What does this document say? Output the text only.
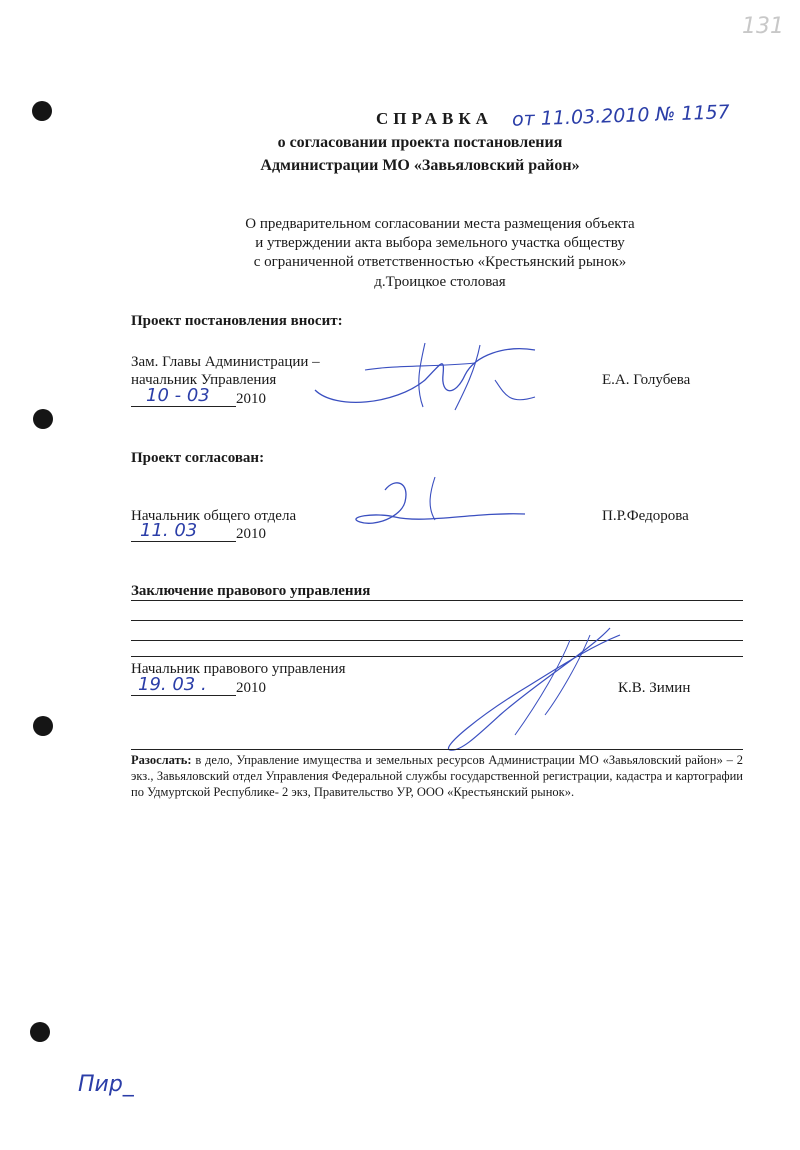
131
СПРАВКА от 11.03.2010 № 1157
о согласовании проекта постановления
Администрации МО «Завьяловский район»
О предварительном согласовании места размещения объекта
и утверждении акта выбора земельного участка обществу
с ограниченной ответственностью «Крестьянский рынок»
д.Троицкое столовая
Проект постановления вносит:
Зам. Главы Администрации –
начальник Управления
10 - 03 2010
Е.А. Голубева
Проект согласован:
Начальник общего отдела
11. 03	2010
П.Р.Федорова
Заключение правового управления
Начальник правового управления
19. 03 . 2010	К.В. Зимин
Разослать: в дело, Управление имущества и земельных ресурсов Администрации МО «Завьяловский район» – 2 экз., Завьяловский отдел Управления Федеральной службы государственной регистрации, кадастра и картографии по Удмуртской Республике- 2 экз, Правительство УР, ООО «Крестьянский рынок».
Пир_
